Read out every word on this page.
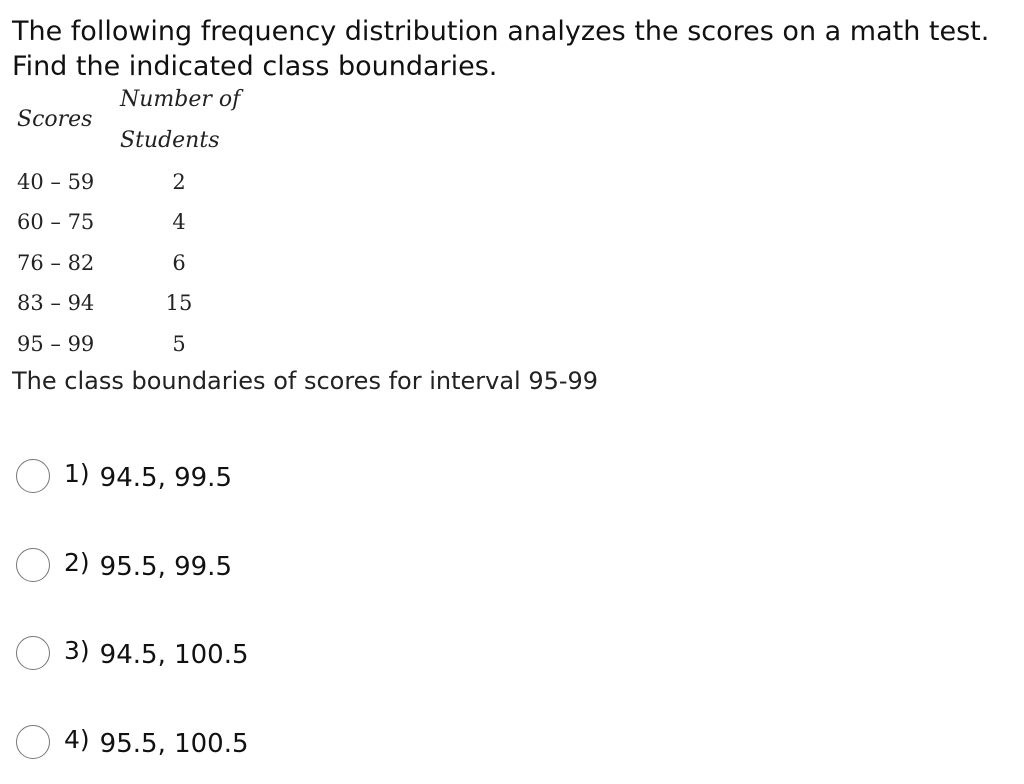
The following frequency distribution analyzes the scores on a math test. Find the indicated class boundaries.

Scores
Number of
Students
40 – 59	2
60 – 75	4
76 – 82	6
83 – 94	15
95 – 99	5

The class boundaries of scores for interval 95-99

1) 94.5, 99.5
2) 95.5, 99.5
3) 94.5, 100.5
4) 95.5, 100.5
